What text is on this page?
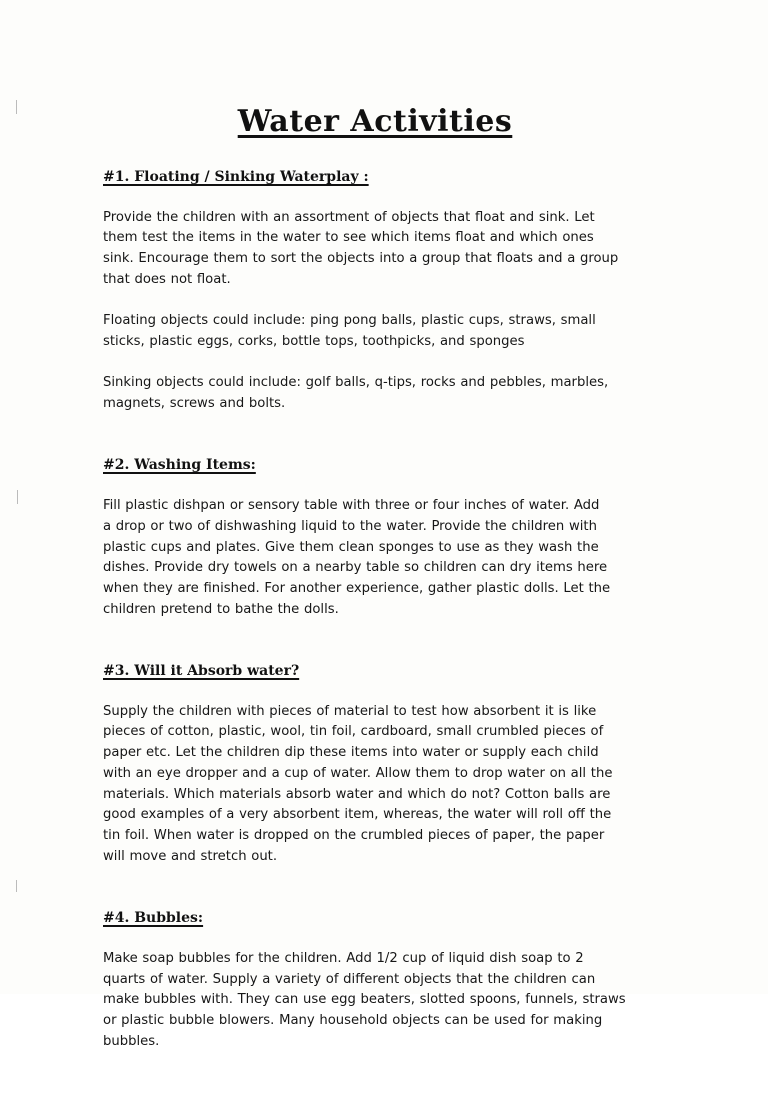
Water Activities
#1. Floating / Sinking Waterplay :

Provide the children with an assortment of objects that float and sink. Let
them test the items in the water to see which items float and which ones
sink. Encourage them to sort the objects into a group that floats and a group
that does not float.

Floating objects could include: ping pong balls, plastic cups, straws, small
sticks, plastic eggs, corks, bottle tops, toothpicks, and sponges

Sinking objects could include: golf balls, q-tips, rocks and pebbles, marbles,
magnets, screws and bolts.

#2. Washing Items:

Fill plastic dishpan or sensory table with three or four inches of water. Add
a drop or two of dishwashing liquid to the water. Provide the children with
plastic cups and plates. Give them clean sponges to use as they wash the
dishes. Provide dry towels on a nearby table so children can dry items here
when they are finished. For another experience, gather plastic dolls. Let the
children pretend to bathe the dolls.

#3. Will it Absorb water?

Supply the children with pieces of material to test how absorbent it is like
pieces of cotton, plastic, wool, tin foil, cardboard, small crumbled pieces of
paper etc. Let the children dip these items into water or supply each child
with an eye dropper and a cup of water. Allow them to drop water on all the
materials. Which materials absorb water and which do not? Cotton balls are
good examples of a very absorbent item, whereas, the water will roll off the
tin foil. When water is dropped on the crumbled pieces of paper, the paper
will move and stretch out.

#4. Bubbles:

Make soap bubbles for the children. Add 1/2 cup of liquid dish soap to 2
quarts of water. Supply a variety of different objects that the children can
make bubbles with. They can use egg beaters, slotted spoons, funnels, straws
or plastic bubble blowers. Many household objects can be used for making
bubbles.
